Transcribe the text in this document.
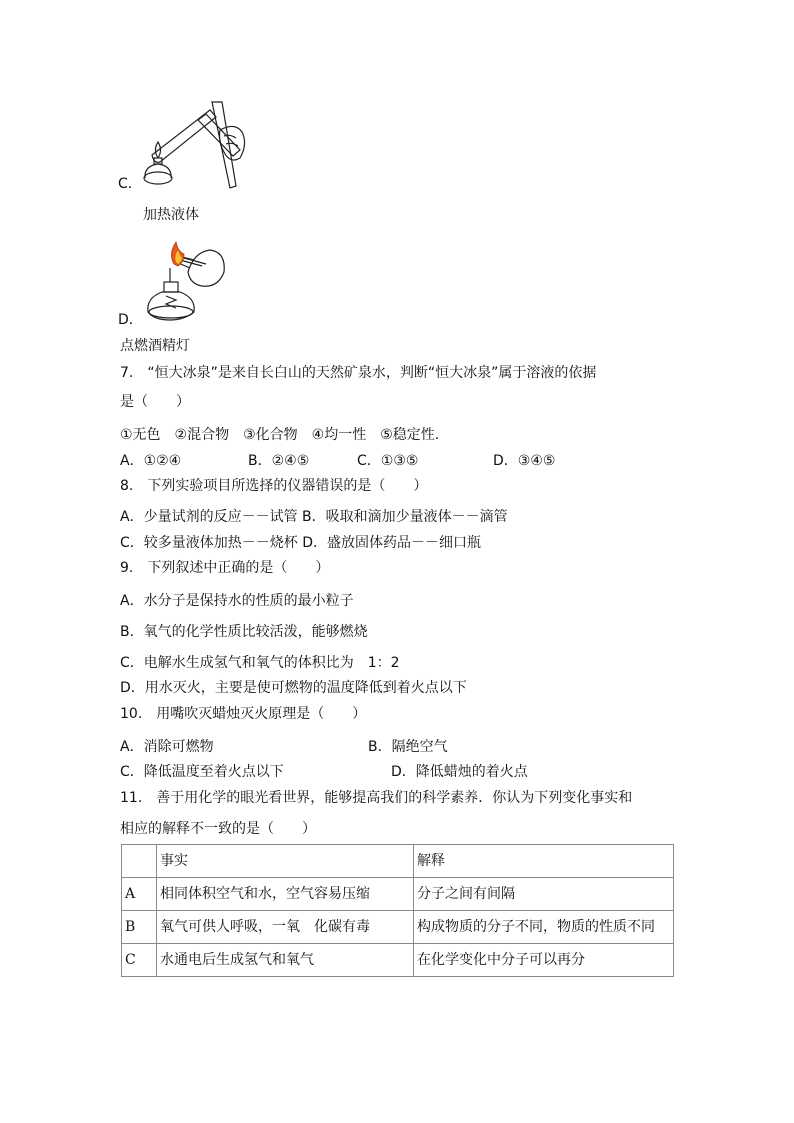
C．
加热液体
D．
点燃酒精灯
7.　“恒大冰泉”是来自长白山的天然矿泉水，判断“恒大冰泉”属于溶液的依据
是（　　）
①无色　②混合物　③化合物　④均一性　⑤稳定性.
A．①②④	B．②④⑤	C．①③⑤	D．③④⑤
8.　下列实验项目所选择的仪器错误的是（　　）
A．少量试剂的反应－－试管 B．吸取和滴加少量液体－－滴管
C．较多量液体加热－－烧杯 D．盛放固体药品－－细口瓶
9.　下列叙述中正确的是（　　）
A．水分子是保持水的性质的最小粒子
B．氧气的化学性质比较活泼，能够燃烧
C．电解水生成氢气和氧气的体积比为　1：2
D．用水灭火，主要是使可燃物的温度降低到着火点以下
10.　用嘴吹灭蜡烛灭火原理是（　　）
A．消除可燃物	B．隔绝空气
C．降低温度至着火点以下	D．降低蜡烛的着火点
11.　善于用化学的眼光看世界，能够提高我们的科学素养．你认为下列变化事实和
相应的解释不一致的是（　　）
	事实	解释
A	相同体积空气和水，空气容易压缩	分子之间有间隔
B	氧气可供人呼吸，一氧　化碳有毒	构成物质的分子不同，物质的性质不同
C	水通电后生成氢气和氧气	在化学变化中分子可以再分
